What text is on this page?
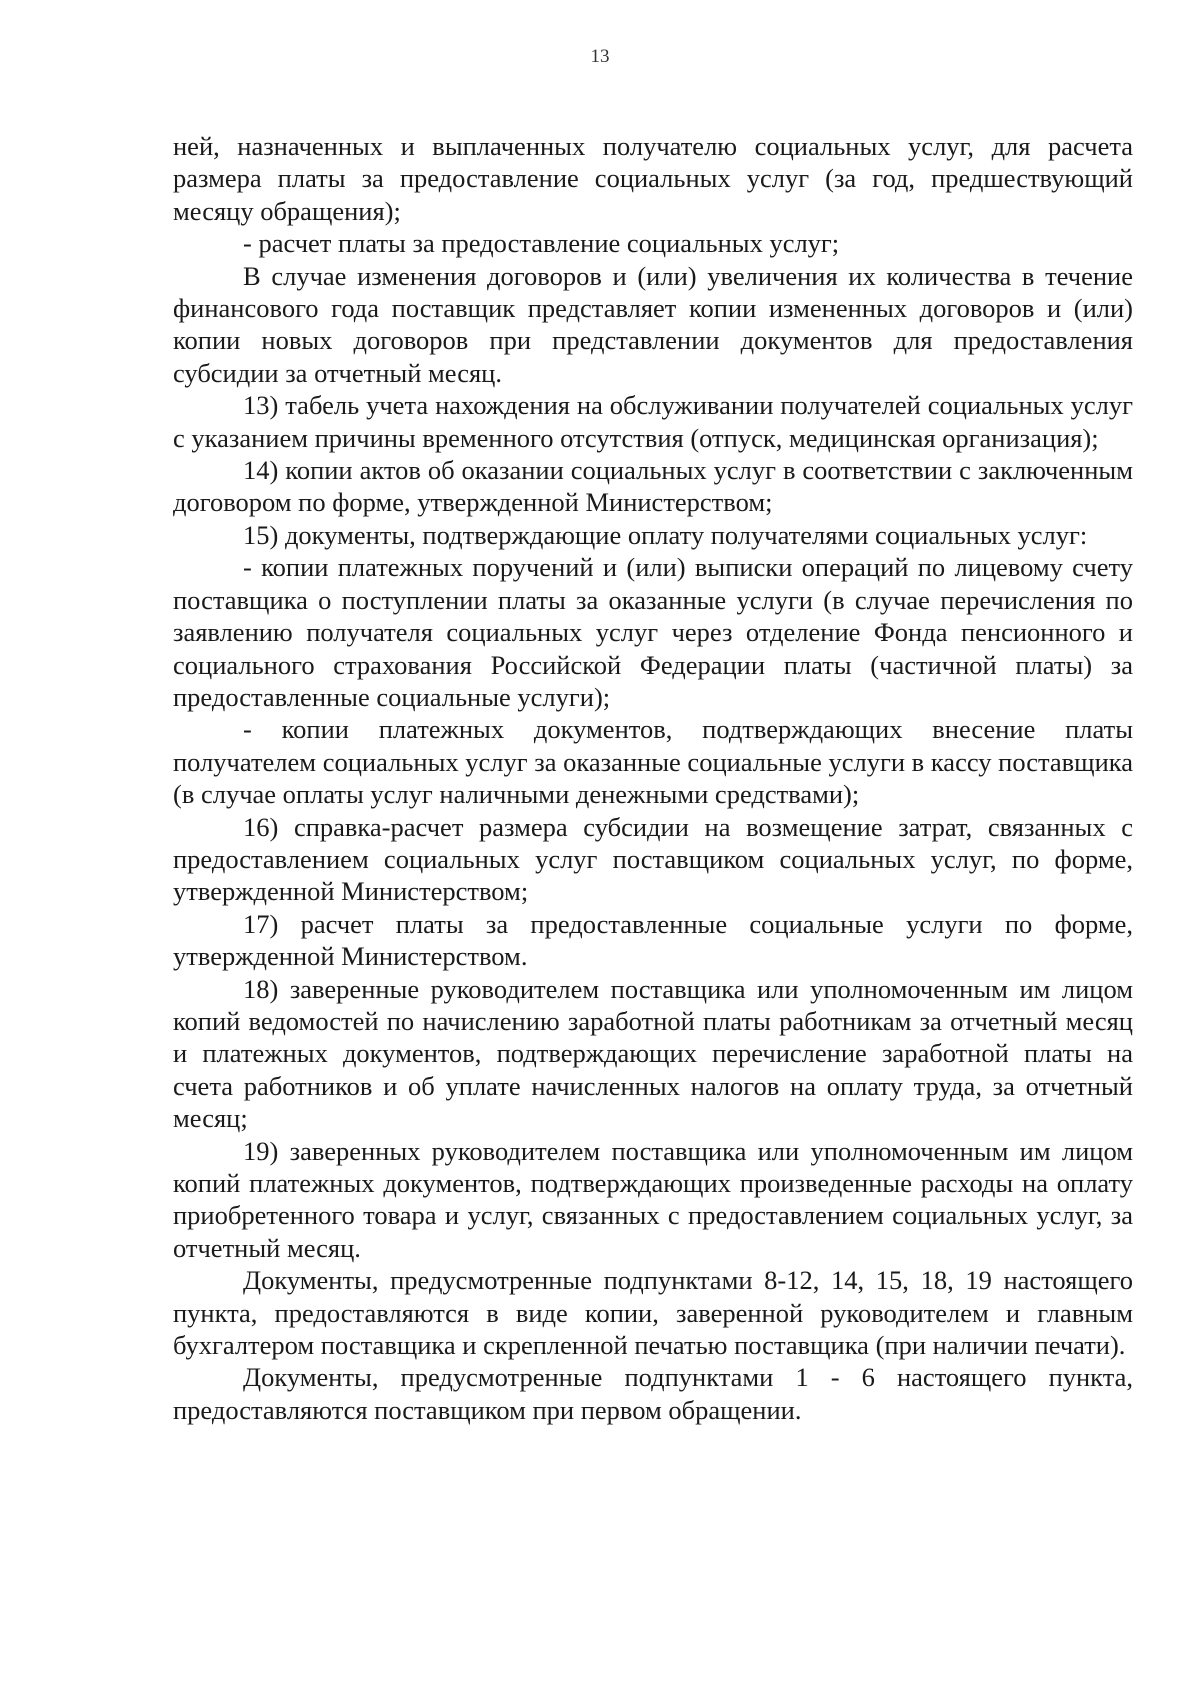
13

ней, назначенных и выплаченных получателю социальных услуг, для расчета размера платы за предоставление социальных услуг (за год, предшествующий месяцу обращения);

- расчет платы за предоставление социальных услуг;

В случае изменения договоров и (или) увеличения их количества в течение финансового года поставщик представляет копии измененных договоров и (или) копии новых договоров при представлении документов для предоставления субсидии за отчетный месяц.

13) табель учета нахождения на обслуживании получателей социальных услуг с указанием причины временного отсутствия (отпуск, медицинская организация);

14) копии актов об оказании социальных услуг в соответствии с заключенным договором по форме, утвержденной Министерством;

15) документы, подтверждающие оплату получателями социальных услуг:

- копии платежных поручений и (или) выписки операций по лицевому счету поставщика о поступлении платы за оказанные услуги (в случае перечисления по заявлению получателя социальных услуг через отделение Фонда пенсионного и социального страхования Российской Федерации платы (частичной платы) за предоставленные социальные услуги);

- копии платежных документов, подтверждающих внесение платы получателем социальных услуг за оказанные социальные услуги в кассу поставщика (в случае оплаты услуг наличными денежными средствами);

16) справка-расчет размера субсидии на возмещение затрат, связанных с предоставлением социальных услуг поставщиком социальных услуг, по форме, утвержденной Министерством;

17) расчет платы за предоставленные социальные услуги по форме, утвержденной Министерством.

18) заверенные руководителем поставщика или уполномоченным им лицом копий ведомостей по начислению заработной платы работникам за отчетный месяц и платежных документов, подтверждающих перечисление заработной платы на счета работников и об уплате начисленных налогов на оплату труда, за отчетный месяц;

19) заверенных руководителем поставщика или уполномоченным им лицом копий платежных документов, подтверждающих произведенные расходы на оплату приобретенного товара и услуг, связанных с предоставлением социальных услуг, за отчетный месяц.

Документы, предусмотренные подпунктами 8-12, 14, 15, 18, 19 настоящего пункта, предоставляются в виде копии, заверенной руководителем и главным бухгалтером поставщика и скрепленной печатью поставщика (при наличии печати).

Документы, предусмотренные подпунктами 1 - 6 настоящего пункта, предоставляются поставщиком при первом обращении.
